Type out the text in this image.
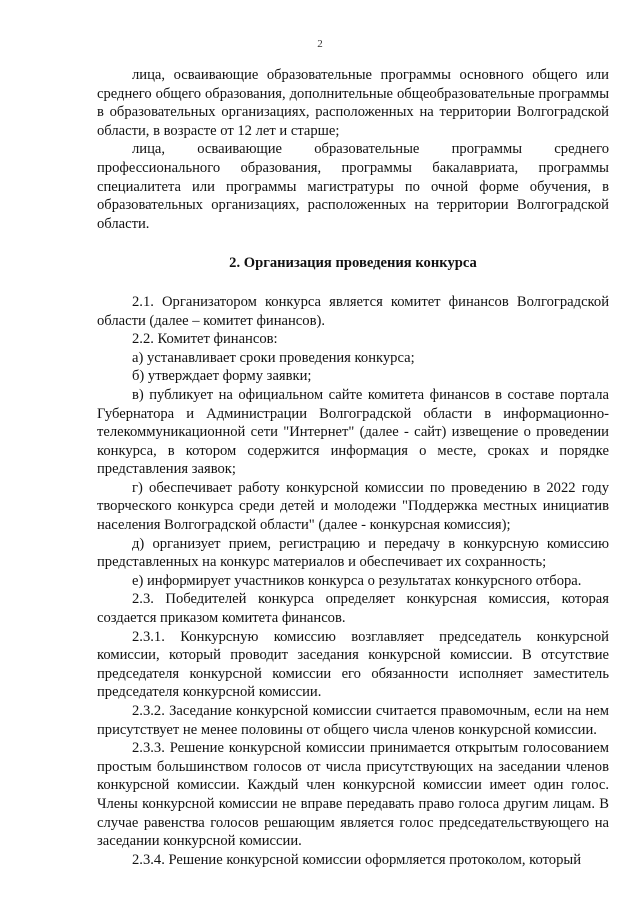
2

лица, осваивающие образовательные программы основного общего или среднего общего образования, дополнительные общеобразовательные программы в образовательных организациях, расположенных на территории Волгоградской области, в возрасте от 12 лет и старше;

лица, осваивающие образовательные программы среднего профессионального образования, программы бакалавриата, программы специалитета или программы магистратуры по очной форме обучения, в образовательных организациях, расположенных на территории Волгоградской области.

2. Организация проведения конкурса

2.1. Организатором конкурса является комитет финансов Волгоградской области (далее – комитет финансов).

2.2. Комитет финансов:

а) устанавливает сроки проведения конкурса;

б) утверждает форму заявки;

в) публикует на официальном сайте комитета финансов в составе портала Губернатора и Администрации Волгоградской области в информационно-телекоммуникационной сети "Интернет" (далее - сайт) извещение о проведении конкурса, в котором содержится информация о месте, сроках и порядке представления заявок;

г) обеспечивает работу конкурсной комиссии по проведению в 2022 году творческого конкурса среди детей и молодежи "Поддержка местных инициатив населения Волгоградской области" (далее - конкурсная комиссия);

д) организует прием, регистрацию и передачу в конкурсную комиссию представленных на конкурс материалов и обеспечивает их сохранность;

е) информирует участников конкурса о результатах конкурсного отбора.

2.3. Победителей конкурса определяет конкурсная комиссия, которая создается приказом комитета финансов.

2.3.1. Конкурсную комиссию возглавляет председатель конкурсной комиссии, который проводит заседания конкурсной комиссии. В отсутствие председателя конкурсной комиссии его обязанности исполняет заместитель председателя конкурсной комиссии.

2.3.2. Заседание конкурсной комиссии считается правомочным, если на нем присутствует не менее половины от общего числа членов конкурсной комиссии.

2.3.3. Решение конкурсной комиссии принимается открытым голосованием простым большинством голосов от числа присутствующих на заседании членов конкурсной комиссии. Каждый член конкурсной комиссии имеет один голос. Члены конкурсной комиссии не вправе передавать право голоса другим лицам. В случае равенства голосов решающим является голос председательствующего на заседании конкурсной комиссии.

2.3.4. Решение конкурсной комиссии оформляется протоколом, который
